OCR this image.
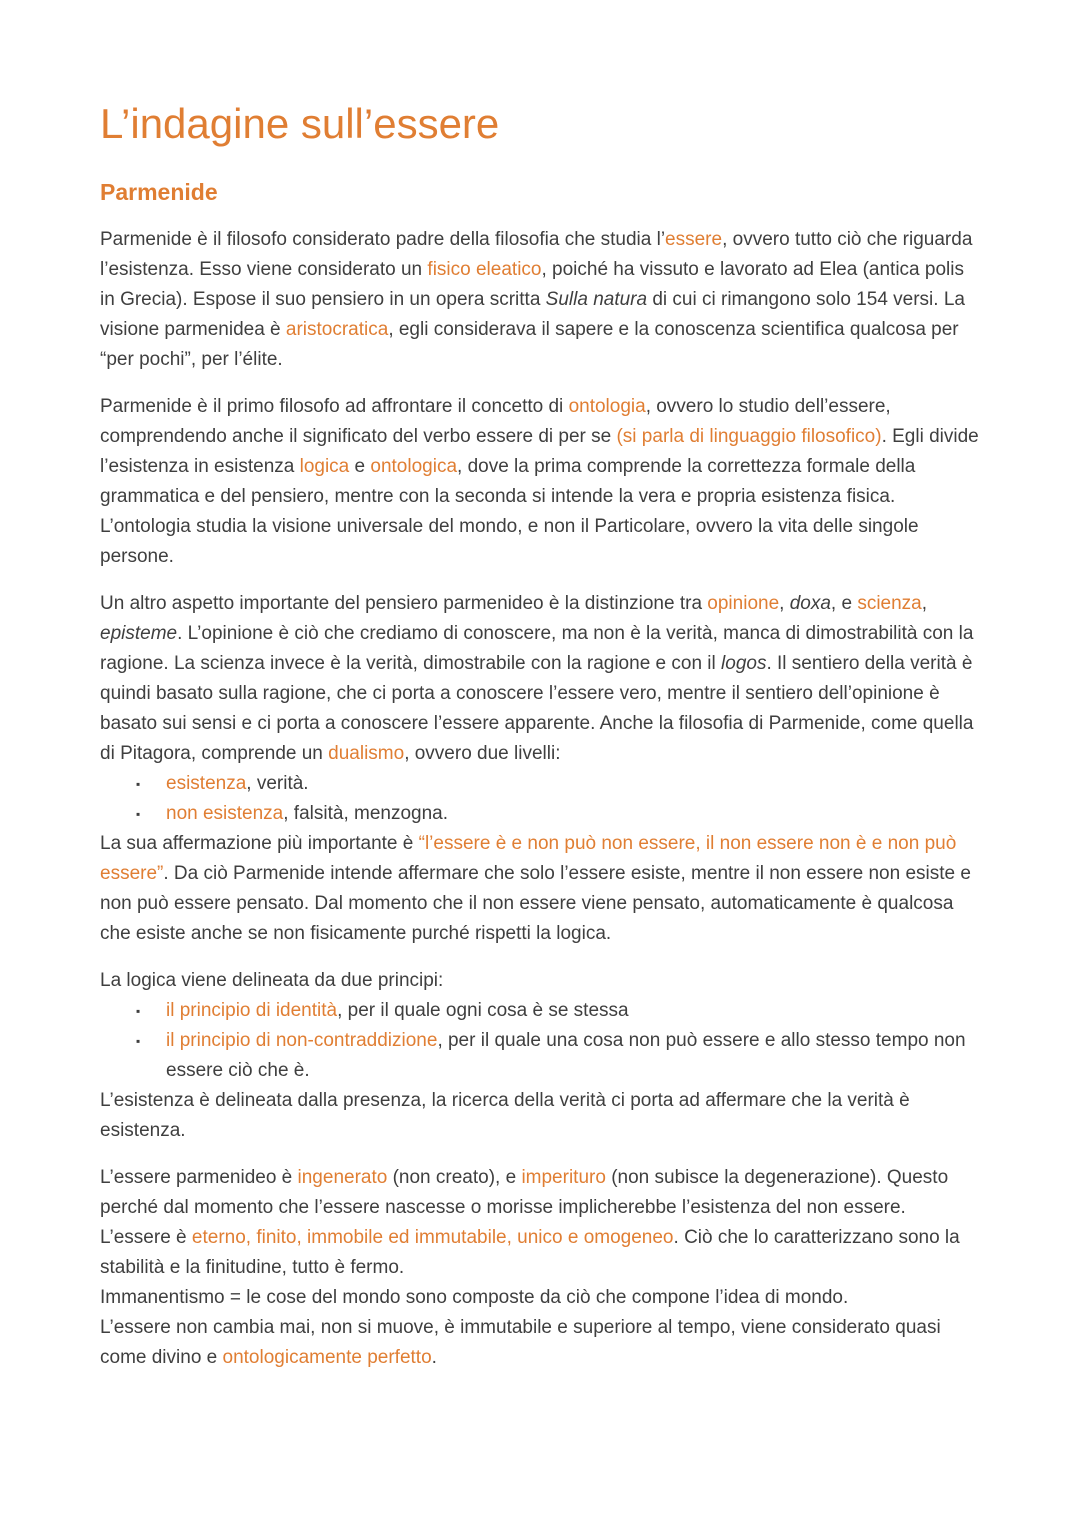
L’indagine sull’essere
Parmenide

Parmenide è il filosofo considerato padre della filosofia che studia l’essere, ovvero tutto ciò che riguarda l’esistenza. Esso viene considerato un fisico eleatico, poiché ha vissuto e lavorato ad Elea (antica polis in Grecia). Espose il suo pensiero in un opera scritta Sulla natura di cui ci rimangono solo 154 versi. La visione parmenidea è aristocratica, egli considerava il sapere e la conoscenza scientifica qualcosa per “per pochi”, per l’élite.

Parmenide è il primo filosofo ad affrontare il concetto di ontologia, ovvero lo studio dell’essere, comprendendo anche il significato del verbo essere di per se (si parla di linguaggio filosofico). Egli divide l’esistenza in esistenza logica e ontologica, dove la prima comprende la correttezza formale della grammatica e del pensiero, mentre con la seconda si intende la vera e propria esistenza fisica. L’ontologia studia la visione universale del mondo, e non il Particolare, ovvero la vita delle singole persone.

Un altro aspetto importante del pensiero parmenideo è la distinzione tra opinione, doxa, e scienza, episteme. L’opinione è ciò che crediamo di conoscere, ma non è la verità, manca di dimostrabilità con la ragione. La scienza invece è la verità, dimostrabile con la ragione e con il logos. Il sentiero della verità è quindi basato sulla ragione, che ci porta a conoscere l’essere vero, mentre il sentiero dell’opinione è basato sui sensi e ci porta a conoscere l’essere apparente. Anche la filosofia di Parmenide, come quella di Pitagora, comprende un dualismo, ovvero due livelli:

▪ esistenza, verità.
▪ non esistenza, falsità, menzogna.

La sua affermazione più importante è “l’essere è e non può non essere, il non essere non è e non può essere”. Da ciò Parmenide intende affermare che solo l’essere esiste, mentre il non essere non esiste e non può essere pensato. Dal momento che il non essere viene pensato, automaticamente è qualcosa che esiste anche se non fisicamente purché rispetti la logica.

La logica viene delineata da due principi:

▪ il principio di identità, per il quale ogni cosa è se stessa
▪ il principio di non-contraddizione, per il quale una cosa non può essere e allo stesso tempo non essere ciò che è.

L’esistenza è delineata dalla presenza, la ricerca della verità ci porta ad affermare che la verità è esistenza.

L’essere parmenideo è ingenerato (non creato), e imperituro (non subisce la degenerazione). Questo perché dal momento che l’essere nascesse o morisse implicherebbe l’esistenza del non essere. L’essere è eterno, finito, immobile ed immutabile, unico e omogeneo. Ciò che lo caratterizzano sono la stabilità e la finitudine, tutto è fermo.

Immanentismo = le cose del mondo sono composte da ciò che compone l’idea di mondo.

L’essere non cambia mai, non si muove, è immutabile e superiore al tempo, viene considerato quasi come divino e ontologicamente perfetto.
